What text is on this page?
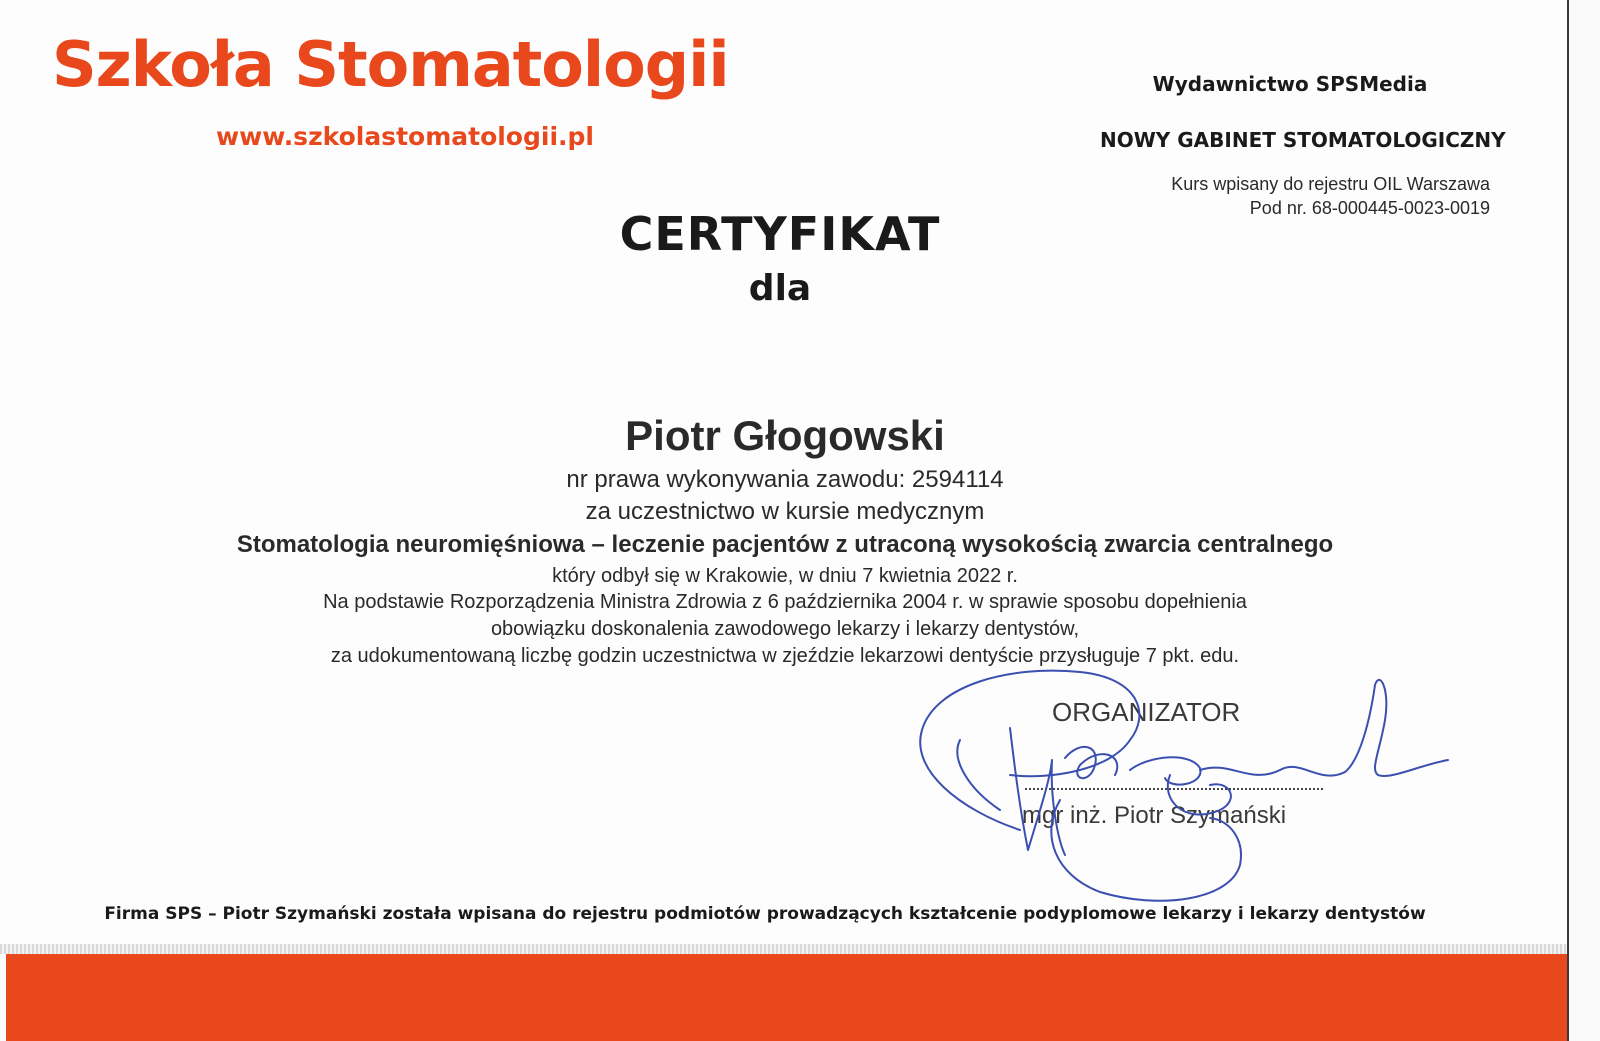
Szkoła Stomatologii
www.szkolastomatologii.pl
Wydawnictwo SPSMedia
NOWY GABINET STOMATOLOGICZNY
Kurs wpisany do rejestru OIL Warszawa
Pod nr. 68-000445-0023-0019
CERTYFIKAT
dla
Piotr Głogowski
nr prawa wykonywania zawodu: 2594114
za uczestnictwo w kursie medycznym
Stomatologia neuromięśniowa – leczenie pacjentów z utraconą wysokością zwarcia centralnego
który odbył się w Krakowie, w dniu 7 kwietnia 2022 r.
Na podstawie Rozporządzenia Ministra Zdrowia z 6 października 2004 r. w sprawie sposobu dopełnienia
obowiązku doskonalenia zawodowego lekarzy i lekarzy dentystów,
za udokumentowaną liczbę godzin uczestnictwa w zjeździe lekarzowi dentyście przysługuje 7 pkt. edu.
ORGANIZATOR
mgr inż. Piotr Szymański
Firma SPS – Piotr Szymański została wpisana do rejestru podmiotów prowadzących kształcenie podyplomowe lekarzy i lekarzy dentystów
